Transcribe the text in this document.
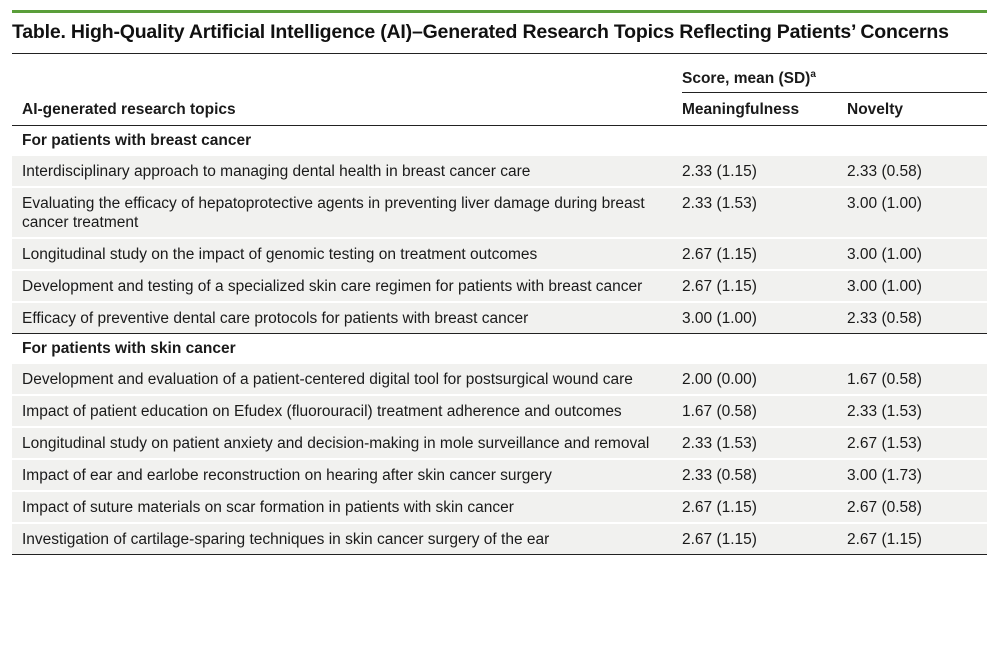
Table. High-Quality Artificial Intelligence (AI)–Generated Research Topics Reflecting Patients’ Concerns
	Score, mean (SD)$^a$
AI-generated research topics	Meaningfulness	Novelty
For patients with breast cancer		
Interdisciplinary approach to managing dental health in breast cancer care	2.33 (1.15)	2.33 (0.58)
Evaluating the efficacy of hepatoprotective agents in preventing liver damage during breast cancer treatment	2.33 (1.53)	3.00 (1.00)
Longitudinal study on the impact of genomic testing on treatment outcomes	2.67 (1.15)	3.00 (1.00)
Development and testing of a specialized skin care regimen for patients with breast cancer	2.67 (1.15)	3.00 (1.00)
Efficacy of preventive dental care protocols for patients with breast cancer	3.00 (1.00)	2.33 (0.58)
For patients with skin cancer		
Development and evaluation of a patient-centered digital tool for postsurgical wound care	2.00 (0.00)	1.67 (0.58)
Impact of patient education on Efudex (fluorouracil) treatment adherence and outcomes	1.67 (0.58)	2.33 (1.53)
Longitudinal study on patient anxiety and decision-making in mole surveillance and removal	2.33 (1.53)	2.67 (1.53)
Impact of ear and earlobe reconstruction on hearing after skin cancer surgery	2.33 (0.58)	3.00 (1.73)
Impact of suture materials on scar formation in patients with skin cancer	2.67 (1.15)	2.67 (0.58)
Investigation of cartilage-sparing techniques in skin cancer surgery of the ear	2.67 (1.15)	2.67 (1.15)
